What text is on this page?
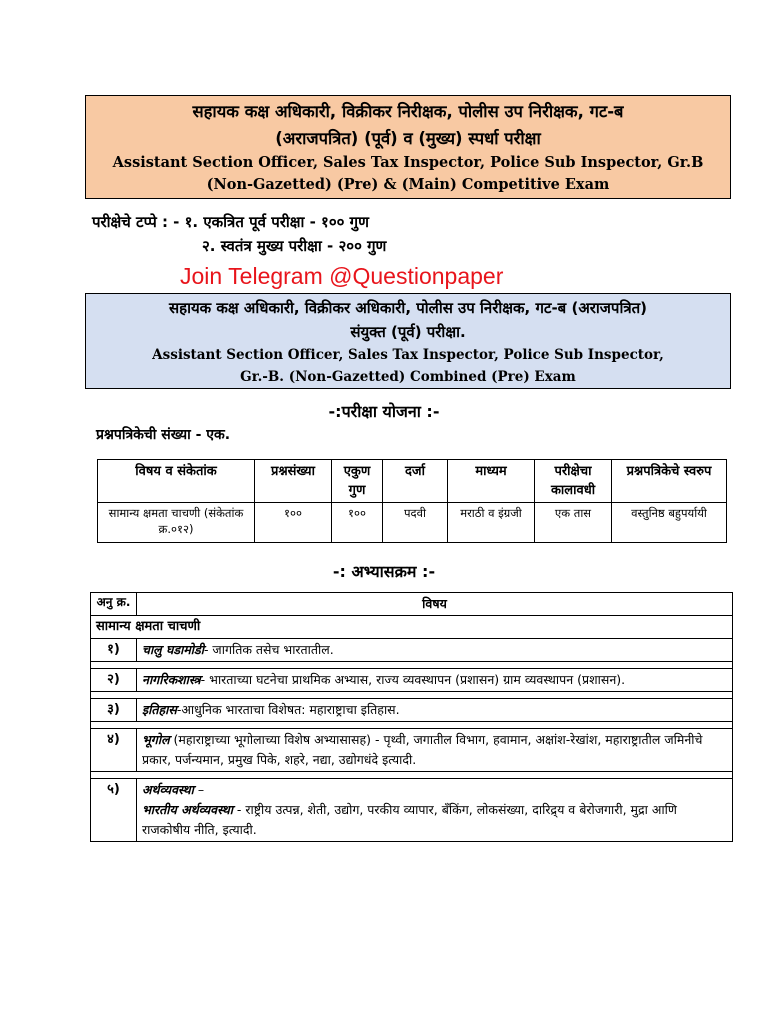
सहायक कक्ष अधिकारी, विक्रीकर निरीक्षक, पोलीस उप निरीक्षक, गट-ब
(अराजपत्रित) (पूर्व) व (मुख्य) स्पर्धा परीक्षा
Assistant Section Officer, Sales Tax Inspector, Police Sub Inspector, Gr.B
(Non-Gazetted) (Pre) & (Main) Competitive Exam
परीक्षेचे टप्पे : - १. एकत्रित पूर्व परीक्षा - १०० गुण
२. स्वतंत्र मुख्य परीक्षा - २०० गुण
Join Telegram @Questionpaper
सहायक कक्ष अधिकारी, विक्रीकर अधिकारी, पोलीस उप निरीक्षक, गट-ब (अराजपत्रित)
संयुक्त (पूर्व) परीक्षा.
Assistant Section Officer, Sales Tax Inspector, Police Sub Inspector,
Gr.-B. (Non-Gazetted) Combined (Pre) Exam
-:परीक्षा योजना :-
प्रश्नपत्रिकेची संख्या - एक.
विषय व संकेतांक	प्रश्नसंख्या	एकुण गुण	दर्जा	माध्यम	परीक्षेचा कालावधी	प्रश्नपत्रिकेचे स्वरुप
सामान्य क्षमता चाचणी (संकेतांक क्र.०१२)	१००	१००	पदवी	मराठी व इंग्रजी	एक तास	वस्तुनिष्ठ बहुपर्यायी
-: अभ्यासक्रम :-
अनु क्र.	विषय
सामान्य क्षमता चाचणी	
१)	चालु घडामोडी- जागतिक तसेच भारतातील.

२)	नागरिकशास्त्र- भारताच्या घटनेचा प्राथमिक अभ्यास, राज्य व्यवस्थापन (प्रशासन) ग्राम व्यवस्थापन (प्रशासन).

३)	इतिहास-आधुनिक भारताचा विशेषत: महाराष्ट्राचा इतिहास.

४)	भूगोल (महाराष्ट्राच्या भूगोलाच्या विशेष अभ्यासासह) - पृथ्वी, जगातील विभाग, हवामान, अक्षांश-रेखांश, महाराष्ट्रातील जमिनीचे प्रकार, पर्जन्यमान, प्रमुख पिके, शहरे, नद्या, उद्योगधंदे इत्यादी.

५)	अर्थव्यवस्था –
भारतीय अर्थव्यवस्था - राष्ट्रीय उत्पन्न, शेती, उद्योग, परकीय व्यापार, बँकिंग, लोकसंख्या, दारिद्र्य व बेरोजगारी, मुद्रा आणि राजकोषीय नीति, इत्यादी.
